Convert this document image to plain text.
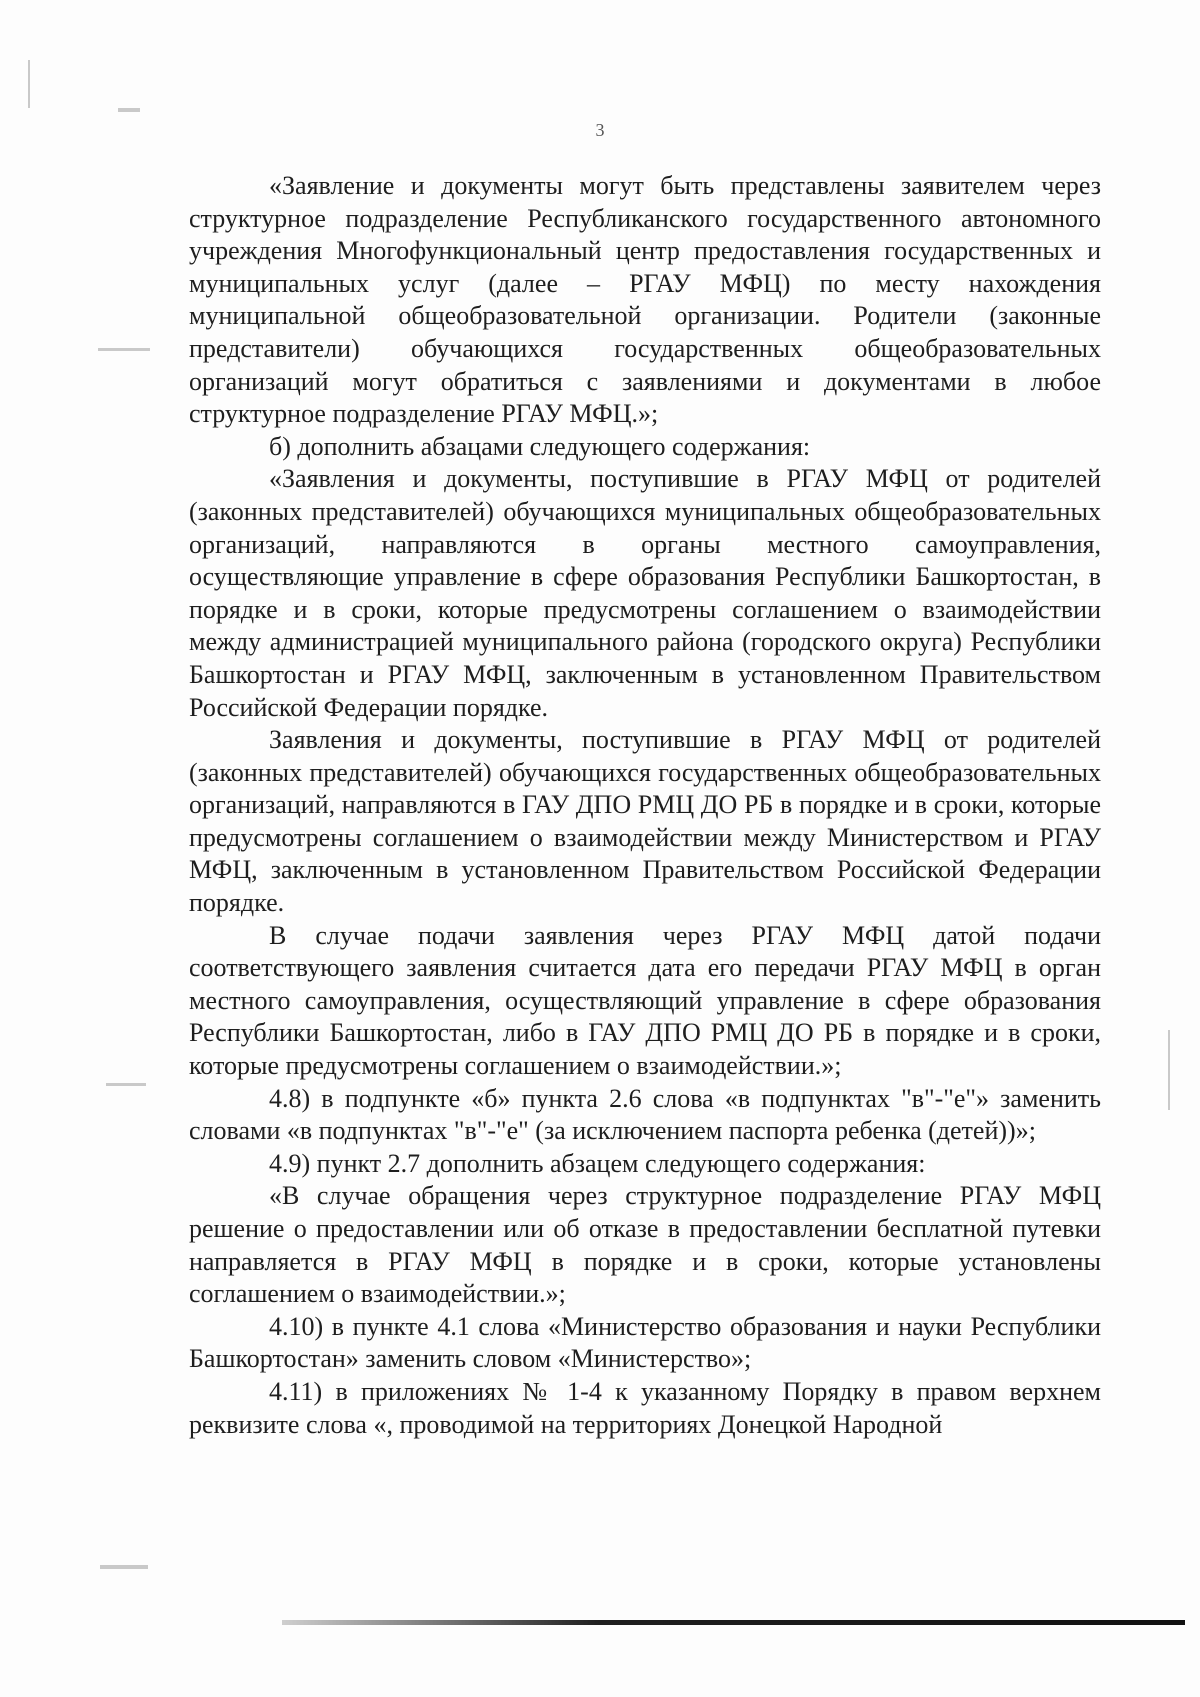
3

«Заявление и документы могут быть представлены заявителем через структурное подразделение Республиканского государственного автономного учреждения Многофункциональный центр предоставления государственных и муниципальных услуг (далее – РГАУ МФЦ) по месту нахождения муниципальной общеобразовательной организации. Родители (законные представители) обучающихся государственных общеобразовательных организаций могут обратиться с заявлениями и документами в любое структурное подразделение РГАУ МФЦ.»;

б) дополнить абзацами следующего содержания:

«Заявления и документы, поступившие в РГАУ МФЦ от родителей (законных представителей) обучающихся муниципальных общеобразовательных организаций, направляются в органы местного самоуправления, осуществляющие управление в сфере образования Республики Башкортостан, в порядке и в сроки, которые предусмотрены соглашением о взаимодействии между администрацией муниципального района (городского округа) Республики Башкортостан и РГАУ МФЦ, заключенным в установленном Правительством Российской Федерации порядке.

Заявления и документы, поступившие в РГАУ МФЦ от родителей (законных представителей) обучающихся государственных общеобразовательных организаций, направляются в ГАУ ДПО РМЦ ДО РБ в порядке и в сроки, которые предусмотрены соглашением о взаимодействии между Министерством и РГАУ МФЦ, заключенным в установленном Правительством Российской Федерации порядке.

В случае подачи заявления через РГАУ МФЦ датой подачи соответствующего заявления считается дата его передачи РГАУ МФЦ в орган местного самоуправления, осуществляющий управление в сфере образования Республики Башкортостан, либо в ГАУ ДПО РМЦ ДО РБ в порядке и в сроки, которые предусмотрены соглашением о взаимодействии.»;

4.8) в подпункте «б» пункта 2.6 слова «в подпунктах "в"-"е"» заменить словами «в подпунктах "в"-"е" (за исключением паспорта ребенка (детей))»;

4.9) пункт 2.7 дополнить абзацем следующего содержания:

«В случае обращения через структурное подразделение РГАУ МФЦ решение о предоставлении или об отказе в предоставлении бесплатной путевки направляется в РГАУ МФЦ в порядке и в сроки, которые установлены соглашением о взаимодействии.»;

4.10) в пункте 4.1 слова «Министерство образования и науки Республики Башкортостан» заменить словом «Министерство»;

4.11) в приложениях № 1-4 к указанному Порядку в правом верхнем реквизите слова «, проводимой на территориях Донецкой Народной
